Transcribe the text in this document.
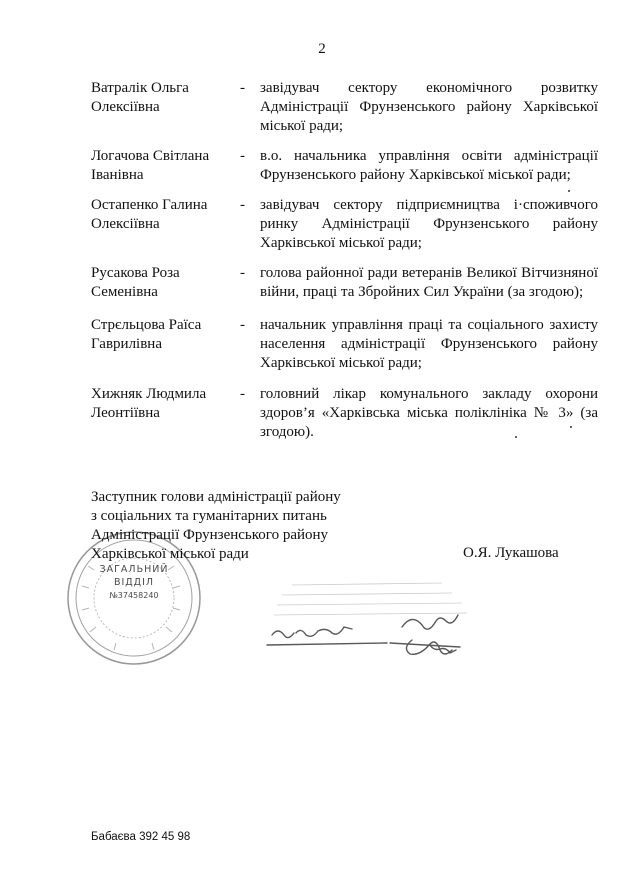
2
Ватралік Ольга
Олексіївна
-	завідувач сектору економічного розвитку Адміністрації Фрунзенського району Харківської міської ради;
Логачова Світлана
Іванівна
-	в.о. начальника управління освіти адміністрації Фрунзенського району Харківської міської ради;
Остапенко Галина
Олексіївна
-	завідувач сектору підприємництва і·споживчого ринку Адміністрації Фрунзенського району Харківської міської ради;
Русакова Роза
Семенівна
-	голова районної ради ветеранів Великої Вітчизняної війни, праці та Збройних Сил України (за згодою);
Стрєльцова Раїса
Гаврилівна
-	начальник управління праці та соціального захисту населення адміністрації Фрунзенського району Харківської міської ради;
Хижняк Людмила
Леонтіївна
-	головний лікар комунального закладу охорони здоров’я «Харківська міська поліклініка № 3» (за згодою).
ЗАГАЛЬНИЙ
ВІДДІЛ
№37458240
Заступник голови адміністрації району
з соціальних та гуманітарних питань
Адміністрації Фрунзенського району
Харківської міської ради	О.Я. Лукашова
Бабаєва 392 45 98
